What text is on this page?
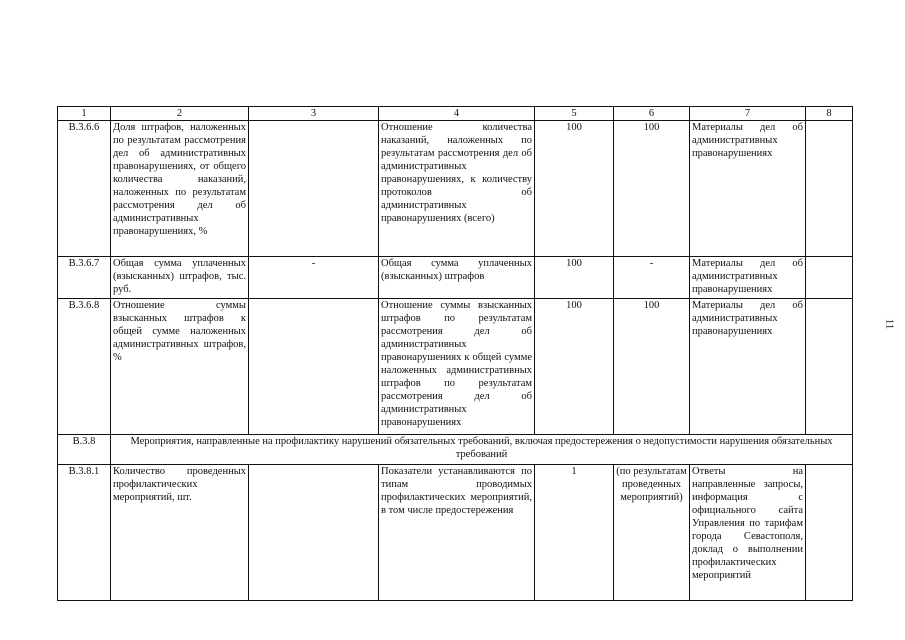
11
1	2	3	4	5	6	7	8
В.3.6.6	Доля штрафов, наложенных по результатам рассмотрения дел об административных правонарушениях, от общего количества наказаний, наложенных по результатам рассмотрения дел об административных правонарушениях, %		Отношение количества наказаний, наложенных по результатам рассмотрения дел об административных правонарушениях, к количеству протоколов об административных правонарушениях (всего)	100	100	Материалы дел об административных правонарушениях	
В.3.6.7	Общая сумма уплаченных (взысканных) штрафов, тыс. руб.	-	Общая сумма уплаченных (взысканных) штрафов	100	-	Материалы дел об административных правонарушениях	
В.3.6.8	Отношение суммы взысканных штрафов к общей сумме наложенных административных штрафов, %		Отношение суммы взысканных штрафов по результатам рассмотрения дел об административных правонарушениях к общей сумме наложенных административных штрафов по результатам рассмотрения дел об административных правонарушениях	100	100	Материалы дел об административных правонарушениях	
В.3.8	Мероприятия, направленные на профилактику нарушений обязательных требований, включая предостережения о недопустимости нарушения обязательных требований						
В.3.8.1	Количество проведенных профилактических мероприятий, шт.		Показатели устанавливаются по типам проводимых профилактических мероприятий, в том числе предостережения	1	(по результатам проведенных мероприятий)	Ответы на направленные запросы, информация с официального сайта Управления по тарифам города Севастополя, доклад о выполнении профилактических мероприятий	
